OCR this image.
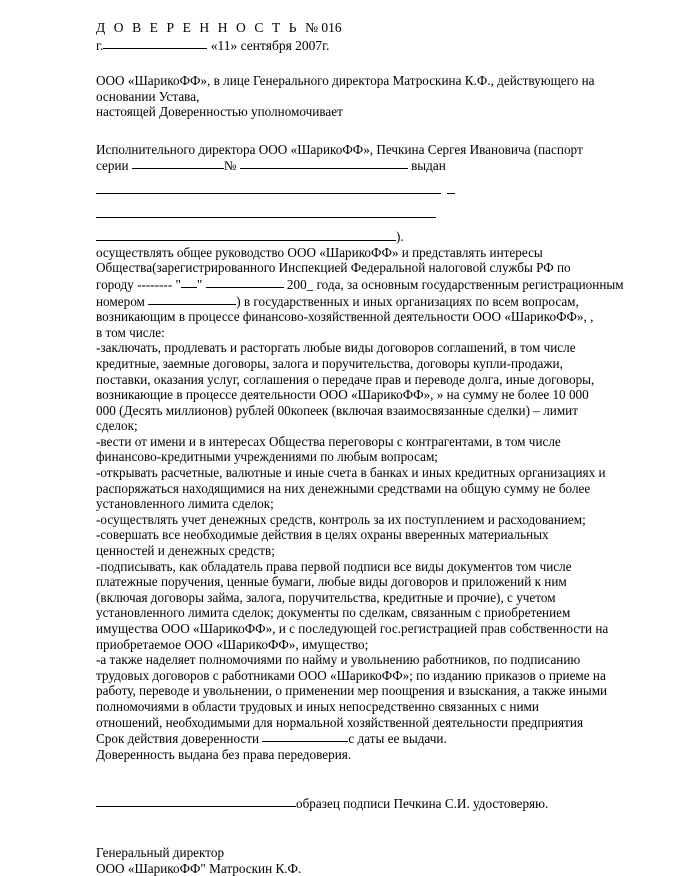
Д О В Е Р Е Н Н О С Т Ь № 016
г.	«11» сентября 2007г.
ООО «ШарикоФФ», в лице Генерального директора Матроскина К.Ф., действующего на
основании Устава,
настоящей Доверенностью уполномочивает
Исполнительного директора ООО «ШарикоФФ», Печкина Сергея Ивановича (паспорт
серии	№	выдан
).
осуществлять общее руководство ООО «ШарикоФФ» и представлять интересы
Общества(зарегистрированного Инспекцией Федеральной налоговой службы РФ по
городу -------- " "	200_ года, за основным государственным регистрационным
номером	) в государственных и иных организациях по всем вопросам,
возникающим в процессе финансово-хозяйственной деятельности ООО «ШарикоФФ», ,
в том числе:
-заключать, продлевать и расторгать любые виды договоров соглашений, в том числе
кредитные, заемные договоры, залога и поручительства, договоры купли-продажи,
поставки, оказания услуг, соглашения о передаче прав и переводе долга, иные договоры,
возникающие в процессе деятельности ООО «ШарикоФФ», » на сумму не более 10 000
000 (Десять миллионов) рублей 00копеек (включая взаимосвязанные сделки) – лимит
сделок;
-вести от имени и в интересах Общества переговоры с контрагентами, в том числе
финансово-кредитными учреждениями по любым вопросам;
-открывать расчетные, валютные и иные счета в банках и иных кредитных организациях и
распоряжаться находящимися на них денежными средствами на общую сумму не более
установленного лимита сделок;
-осуществлять учет денежных средств, контроль за их поступлением и расходованием;
-совершать все необходимые действия в целях охраны вверенных материальных
ценностей и денежных средств;
-подписывать, как обладатель права первой подписи все виды документов том числе
платежные поручения, ценные бумаги, любые виды договоров и приложений к ним
(включая договоры займа, залога, поручительства, кредитные и прочие), с учетом
установленного лимита сделок; документы по сделкам, связанным с приобретением
имущества ООО «ШарикоФФ», и с последующей гос.регистрацией прав собственности на
приобретаемое ООО «ШарикоФФ», имущество;
-а также наделяет полномочиями по найму и увольнению работников, по подписанию
трудовых договоров с работниками ООО «ШарикоФФ»; по изданию приказов о приеме на
работу, переводе и увольнении, о применении мер поощрения и взыскания, а также иными
полномочиями в области трудовых и иных непосредственно связанных с ними
отношений, необходимыми для нормальной хозяйственной деятельности предприятия
Срок действия доверенности	с даты ее выдачи.
Доверенность выдана без права передоверия.
образец подписи Печкина С.И. удостоверяю.
Генеральный директор
ООО «ШарикоФФ" Матроскин К.Ф.
